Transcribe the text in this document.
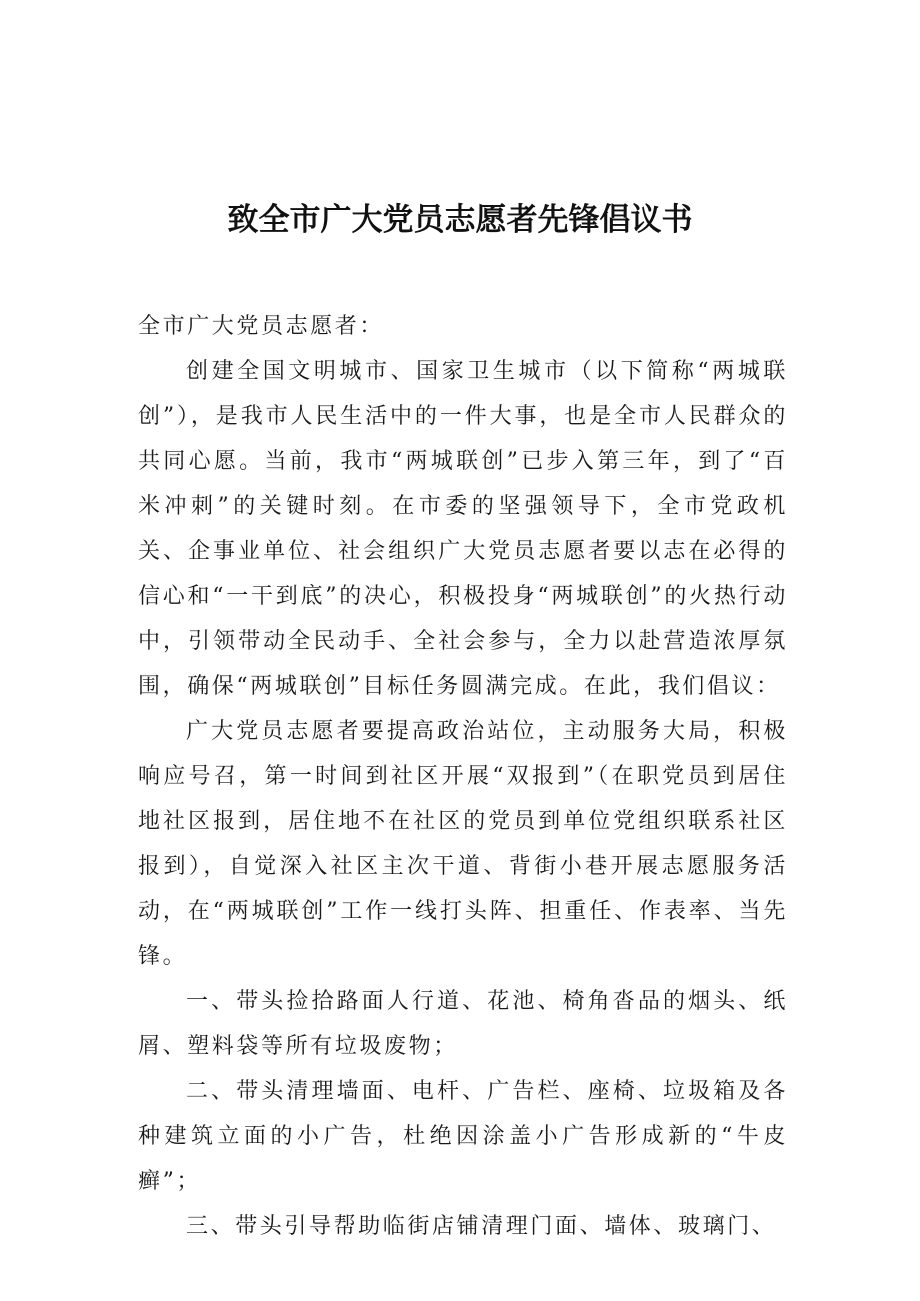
致全市广大党员志愿者先锋倡议书

全市广大党员志愿者：

创建全国文明城市、国家卫生城市（以下简称“两城联创”），是我市人民生活中的一件大事，也是全市人民群众的共同心愿。当前，我市“两城联创”已步入第三年，到了“百米冲刺”的关键时刻。在市委的坚强领导下，全市党政机关、企事业单位、社会组织广大党员志愿者要以志在必得的信心和“一干到底”的决心，积极投身“两城联创”的火热行动中，引领带动全民动手、全社会参与，全力以赴营造浓厚氛围，确保“两城联创”目标任务圆满完成。在此，我们倡议：

广大党员志愿者要提高政治站位，主动服务大局，积极响应号召，第一时间到社区开展“双报到”（在职党员到居住地社区报到，居住地不在社区的党员到单位党组织联系社区报到），自觉深入社区主次干道、背街小巷开展志愿服务活动，在“两城联创”工作一线打头阵、担重任、作表率、当先锋。

一、带头捡拾路面人行道、花池、椅角沓品的烟头、纸屑、塑料袋等所有垃圾废物；

二、带头清理墙面、电杆、广告栏、座椅、垃圾箱及各种建筑立面的小广告，杜绝因涂盖小广告形成新的“牛皮癣”；

三、带头引导帮助临街店铺清理门面、墙体、玻璃门、
